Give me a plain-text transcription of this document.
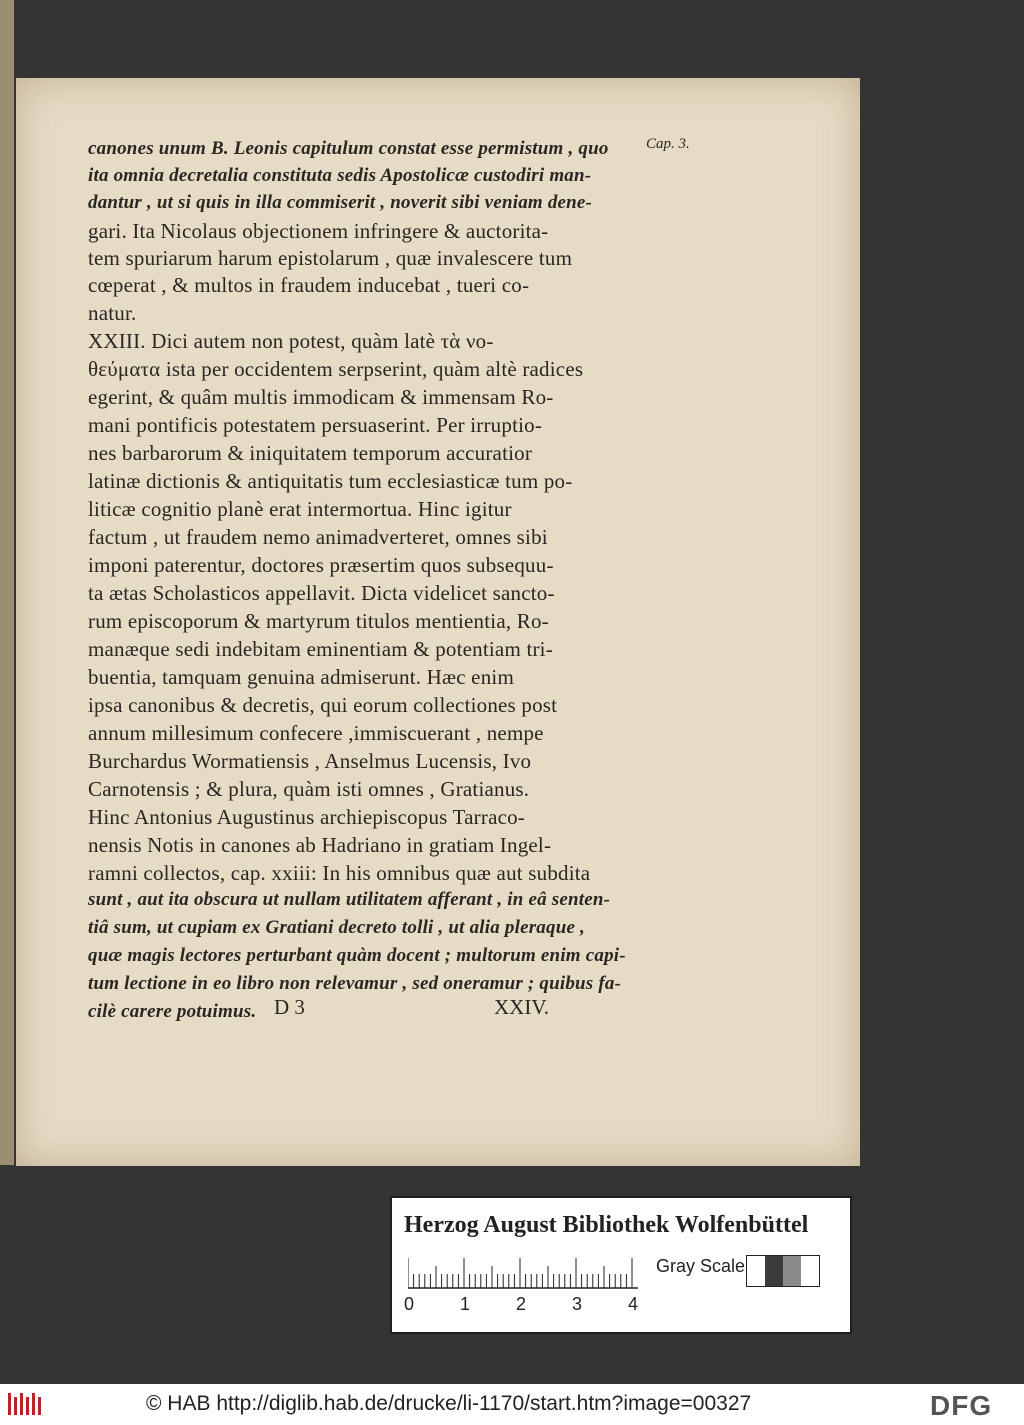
canones unum B. Leonis capitulum constat esse permistum , quo
ita omnia decretalia constituta sedis Apostolicæ custodiri man-
dantur , ut si quis in illa commiserit , noverit sibi veniam dene-
gari. Ita Nicolaus objectionem infringere & auctorita-
tem spuriarum harum epistolarum , quæ invalescere tum
cœperat , & multos in fraudem inducebat , tueri co-
natur.
XXIII. Dici autem non potest, quàm latè τὰ νο-
θεύματα ista per occidentem serpserint, quàm altè radices
egerint, & quâm multis immodicam & immensam Ro-
mani pontificis potestatem persuaserint. Per irruptio-
nes barbarorum & iniquitatem temporum accuratior
latinæ dictionis & antiquitatis tum ecclesiasticæ tum po-
liticæ cognitio planè erat intermortua. Hinc igitur
factum , ut fraudem nemo animadverteret, omnes sibi
imponi paterentur, doctores præsertim quos subsequu-
ta ætas Scholasticos appellavit. Dicta videlicet sancto-
rum episcoporum & martyrum titulos mentientia, Ro-
manæque sedi indebitam eminentiam & potentiam tri-
buentia, tamquam genuina admiserunt. Hæc enim
ipsa canonibus & decretis, qui eorum collectiones post
annum millesimum confecere ,immiscuerant , nempe
Burchardus Wormatiensis , Anselmus Lucensis, Ivo
Carnotensis ; & plura, quàm isti omnes , Gratianus.
Hinc Antonius Augustinus archiepiscopus Tarraco-
nensis Notis in canones ab Hadriano in gratiam Ingel-
ramni collectos, cap. xxiii: In his omnibus quæ aut subdita
sunt , aut ita obscura ut nullam utilitatem afferant , in eâ senten-
tiâ sum, ut cupiam ex Gratiani decreto tolli , ut alia pleraque ,
quæ magis lectores perturbant quàm docent ; multorum enim capi-
tum lectione in eo libro non relevamur , sed oneramur ; quibus fa-
cilè carere potuimus.
Cap. 3.
D 3	XXIV.
Herzog August Bibliothek Wolfenbüttel
0	1	2	3	4
Gray Scale
© HAB http://diglib.hab.de/drucke/li-1170/start.htm?image=00327	DFG
